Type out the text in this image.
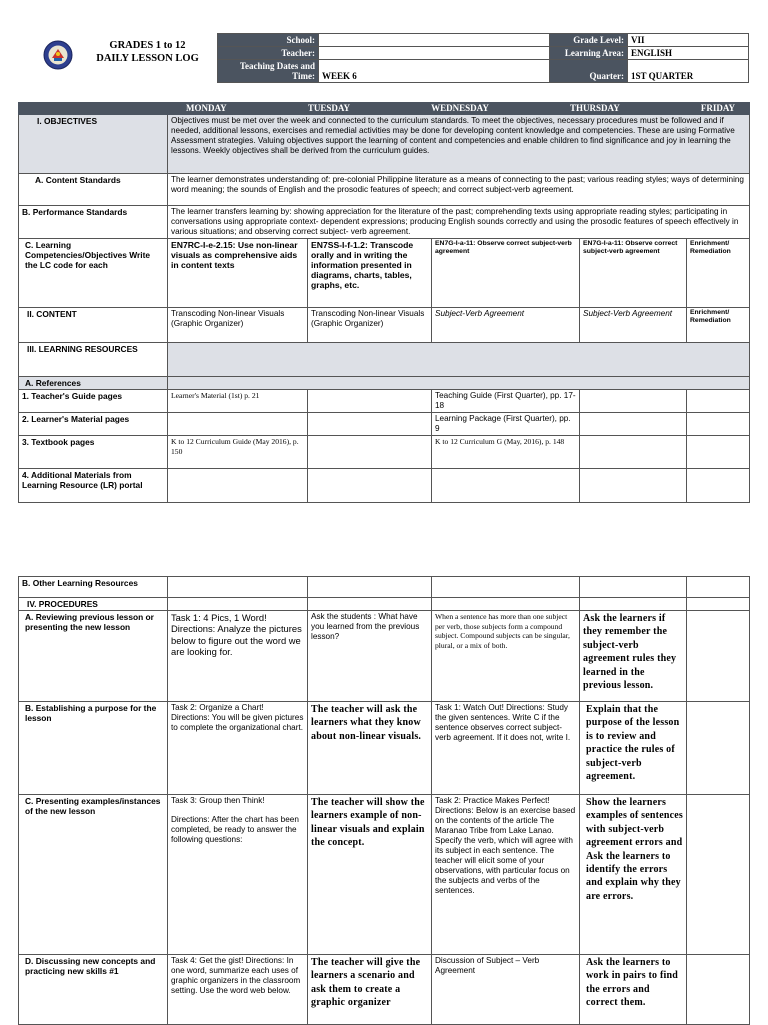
GRADES 1 to 12
DAILY LESSON LOG
School:		Grade Level:	VII
Teacher:		Learning Area:	ENGLISH

Teaching Dates and
Time:	WEEK 6	Quarter:	1ST QUARTER

	MONDAY TUESDAY WEDNESDAY THURSDAY FRIDAY				

I. OBJECTIVES	Objectives must be met over the week and connected to the curriculum standards. To meet the objectives, necessary procedures must be followed and if needed, additional lessons, exercises and remedial activities may be done for developing content knowledge and competencies. These are using Formative Assessment strategies. Valuing objectives support the learning of content and competencies and enable children to find significance and joy in learning the lessons. Weekly objectives shall be derived from the curriculum guides.				
A. Content Standards	The learner demonstrates understanding of: pre-colonial Philippine literature as a means of connecting to the past; various reading styles; ways of determining word meaning; the sounds of English and the prosodic features of speech; and correct subject-verb agreement.				
B. Performance Standards	The learner transfers learning by: showing appreciation for the literature of the past; comprehending texts using appropriate reading styles; participating in conversations using appropriate context- dependent expressions; producing English sounds correctly and using the prosodic features of speech effectively in various situations; and observing correct subject- verb agreement.				
C. Learning Competencies/Objectives Write the LC code for each	EN7RC-I-e-2.15: Use non-linear visuals as comprehensive aids in content texts	EN7SS-I-f-1.2: Transcode orally and in writing the information presented in diagrams, charts, tables, graphs, etc.	EN7G-I-a-11: Observe correct subject-verb agreement	EN7G-I-a-11: Observe correct subject-verb agreement	Enrichment/ Remediation
II. CONTENT	Transcoding Non-linear Visuals (Graphic Organizer)	Transcoding Non-linear Visuals (Graphic Organizer)	Subject-Verb Agreement	Subject-Verb Agreement	Enrichment/ Remediation
III. LEARNING RESOURCES					
A. References					
1. Teacher's Guide pages	Learner's Material (1st) p. 21		Teaching Guide (First Quarter), pp. 17-18		
2. Learner's Material pages			Learning Package (First Quarter), pp. 9		
3. Textbook pages	K to 12 Curriculum Guide (May 2016), p. 150		K to 12 Curriculum G (May, 2016), p. 148		
4. Additional Materials from Learning Resource (LR) portal					
B. Other Learning Resources					
IV. PROCEDURES					
A. Reviewing previous lesson or presenting the new lesson	Task 1: 4 Pics, 1 Word! Directions: Analyze the pictures below to figure out the word we are looking for.	Ask the students : What have you learned from the previous lesson?	When a sentence has more than one subject per verb, those subjects form a compound subject. Compound subjects can be singular, plural, or a mix of both.	Ask the learners if they remember the subject-verb agreement rules they learned in the previous lesson.	
B. Establishing a purpose for the lesson	Task 2: Organize a Chart! Directions: You will be given pictures to complete the organizational chart.	The teacher will ask the learners what they know about non-linear visuals.	Task 1: Watch Out! Directions: Study the given sentences. Write C if the sentence observes correct subject-verb agreement. If it does not, write I.	Explain that the purpose of the lesson is to review and practice the rules of subject-verb agreement.	
C. Presenting examples/instances of the new lesson	Task 3: Group then Think!
Directions: After the chart has been completed, be ready to answer the following questions:	The teacher will show the learners example of non-linear visuals and explain the concept.	Task 2: Practice Makes Perfect! Directions: Below is an exercise based on the contents of the article The Maranao Tribe from Lake Lanao. Specify the verb, which will agree with its subject in each sentence. The teacher will elicit some of your observations, with particular focus on the subjects and verbs of the sentences.	Show the learners examples of sentences with subject-verb agreement errors and Ask the learners to identify the errors and explain why they are errors.	
D. Discussing new concepts and practicing new skills #1	Task 4: Get the gist! Directions: In one word, summarize each uses of graphic organizers in the classroom setting. Use the word web below.	The teacher will give the learners a scenario and ask them to create a graphic organizer	Discussion of Subject – Verb Agreement	Ask the learners to work in pairs to find the errors and correct them.	
